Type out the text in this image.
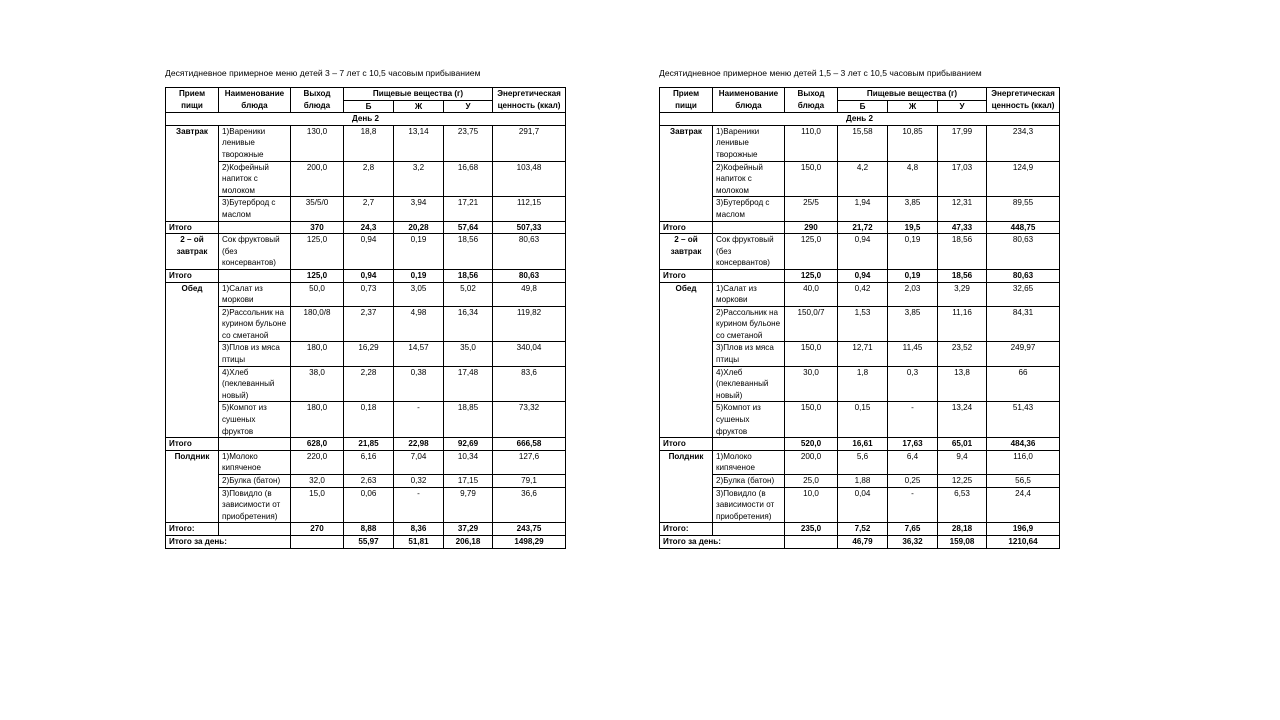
Десятидневное примерное меню детей 3 – 7 лет с 10,5 часовым прибыванием
Прием пищи	Наименование блюда	Выход блюда	Пищевые вещества (г)			Энергетическая ценность (ккал)
			Б	Ж	У	
День 2						
Завтрак	1)Вареники ленивые творожные	130,0	18,8	13,14	23,75	291,7
	2)Кофейный напиток с молоком	200,0	2,8	3,2	16,68	103,48
	3)Бутерброд с маслом	35/5/0	2,7	3,94	17,21	112,15
Итого		370	24,3	20,28	57,64	507,33
2 – ой завтрак	Сок фруктовый (без консервантов)	125,0	0,94	0,19	18,56	80,63
Итого		125,0	0,94	0,19	18,56	80,63
Обед	1)Салат из моркови	50,0	0,73	3,05	5,02	49,8
	2)Рассольник на курином бульоне со сметаной	180,0/8	2,37	4,98	16,34	119,82
	3)Плов из мяса птицы	180,0	16,29	14,57	35,0	340,04
	4)Хлеб (пеклеванный новый)	38,0	2,28	0,38	17,48	83,6
	5)Компот из сушеных фруктов	180,0	0,18	-	18,85	73,32
Итого		628,0	21,85	22,98	92,69	666,58
Полдник	1)Молоко кипяченое	220,0	6,16	7,04	10,34	127,6
	2)Булка (батон)	32,0	2,63	0,32	17,15	79,1
	3)Повидло (в зависимости от приобретения)	15,0	0,06	-	9,79	36,6
Итого:		270	8,88	8,36	37,29	243,75
Итого за день:			55,97	51,81	206,18	1498,29
Десятидневное примерное меню детей 1,5 – 3 лет с 10,5 часовым прибыванием
Прием пищи	Наименование блюда	Выход блюда	Пищевые вещества (г)			Энергетическая ценность (ккал)
			Б	Ж	У	
День 2						
Завтрак	1)Вареники ленивые творожные	110,0	15,58	10,85	17,99	234,3
	2)Кофейный напиток с молоком	150,0	4,2	4,8	17,03	124,9
	3)Бутерброд с маслом	25/5	1,94	3,85	12,31	89,55
Итого		290	21,72	19,5	47,33	448,75
2 – ой завтрак	Сок фруктовый (без консервантов)	125,0	0,94	0,19	18,56	80,63
Итого		125,0	0,94	0,19	18,56	80,63
Обед	1)Салат из моркови	40,0	0,42	2,03	3,29	32,65
	2)Рассольник на курином бульоне со сметаной	150,0/7	1,53	3,85	11,16	84,31
	3)Плов из мяса птицы	150,0	12,71	11,45	23,52	249,97
	4)Хлеб (пеклеванный новый)	30,0	1,8	0,3	13,8	66
	5)Компот из сушеных фруктов	150,0	0,15	-	13,24	51,43
Итого		520,0	16,61	17,63	65,01	484,36
Полдник	1)Молоко кипяченое	200,0	5,6	6,4	9,4	116,0
	2)Булка (батон)	25,0	1,88	0,25	12,25	56,5
	3)Повидло (в зависимости от приобретения)	10,0	0,04	-	6,53	24,4
Итого:		235,0	7,52	7,65	28,18	196,9
Итого за день:			46,79	36,32	159,08	1210,64
